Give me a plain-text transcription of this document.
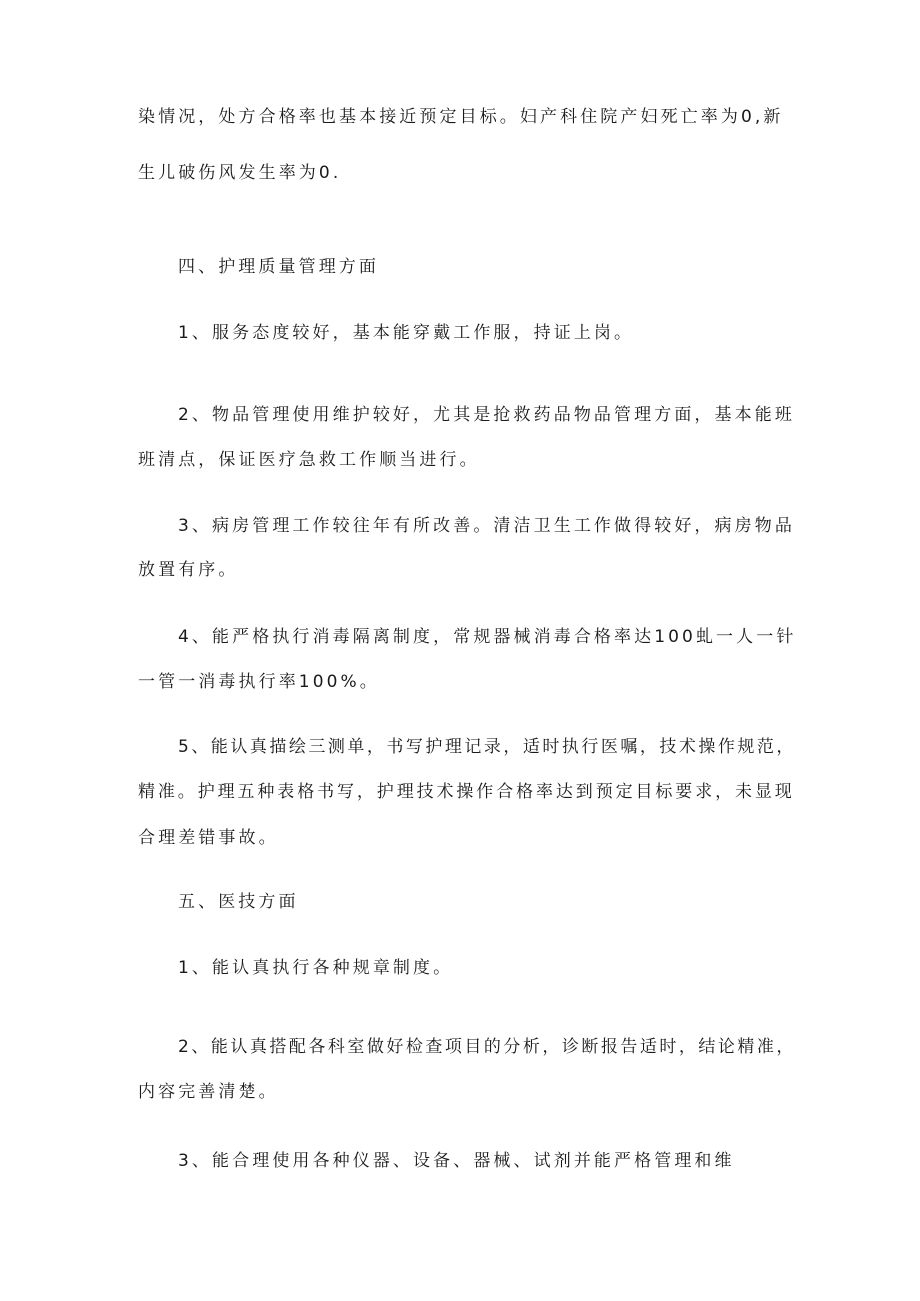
染情况，处方合格率也基本接近预定目标。妇产科住院产妇死亡率为0,新
生儿破伤风发生率为0.
四、护理质量管理方面
1、服务态度较好，基本能穿戴工作服，持证上岗。
2、物品管理使用维护较好，尤其是抢救药品物品管理方面，基本能班
班清点，保证医疗急救工作顺当进行。
3、病房管理工作较往年有所改善。清洁卫生工作做得较好，病房物品
放置有序。
4、能严格执行消毒隔离制度，常规器械消毒合格率达100虬一人一针
一管一消毒执行率100%。
5、能认真描绘三测单，书写护理记录，适时执行医嘱，技术操作规范，
精准。护理五种表格书写，护理技术操作合格率达到预定目标要求，未显现
合理差错事故。
五、医技方面
1、能认真执行各种规章制度。
2、能认真搭配各科室做好检查项目的分析，诊断报告适时，结论精准，
内容完善清楚。
3、能合理使用各种仪器、设备、器械、试剂并能严格管理和维
